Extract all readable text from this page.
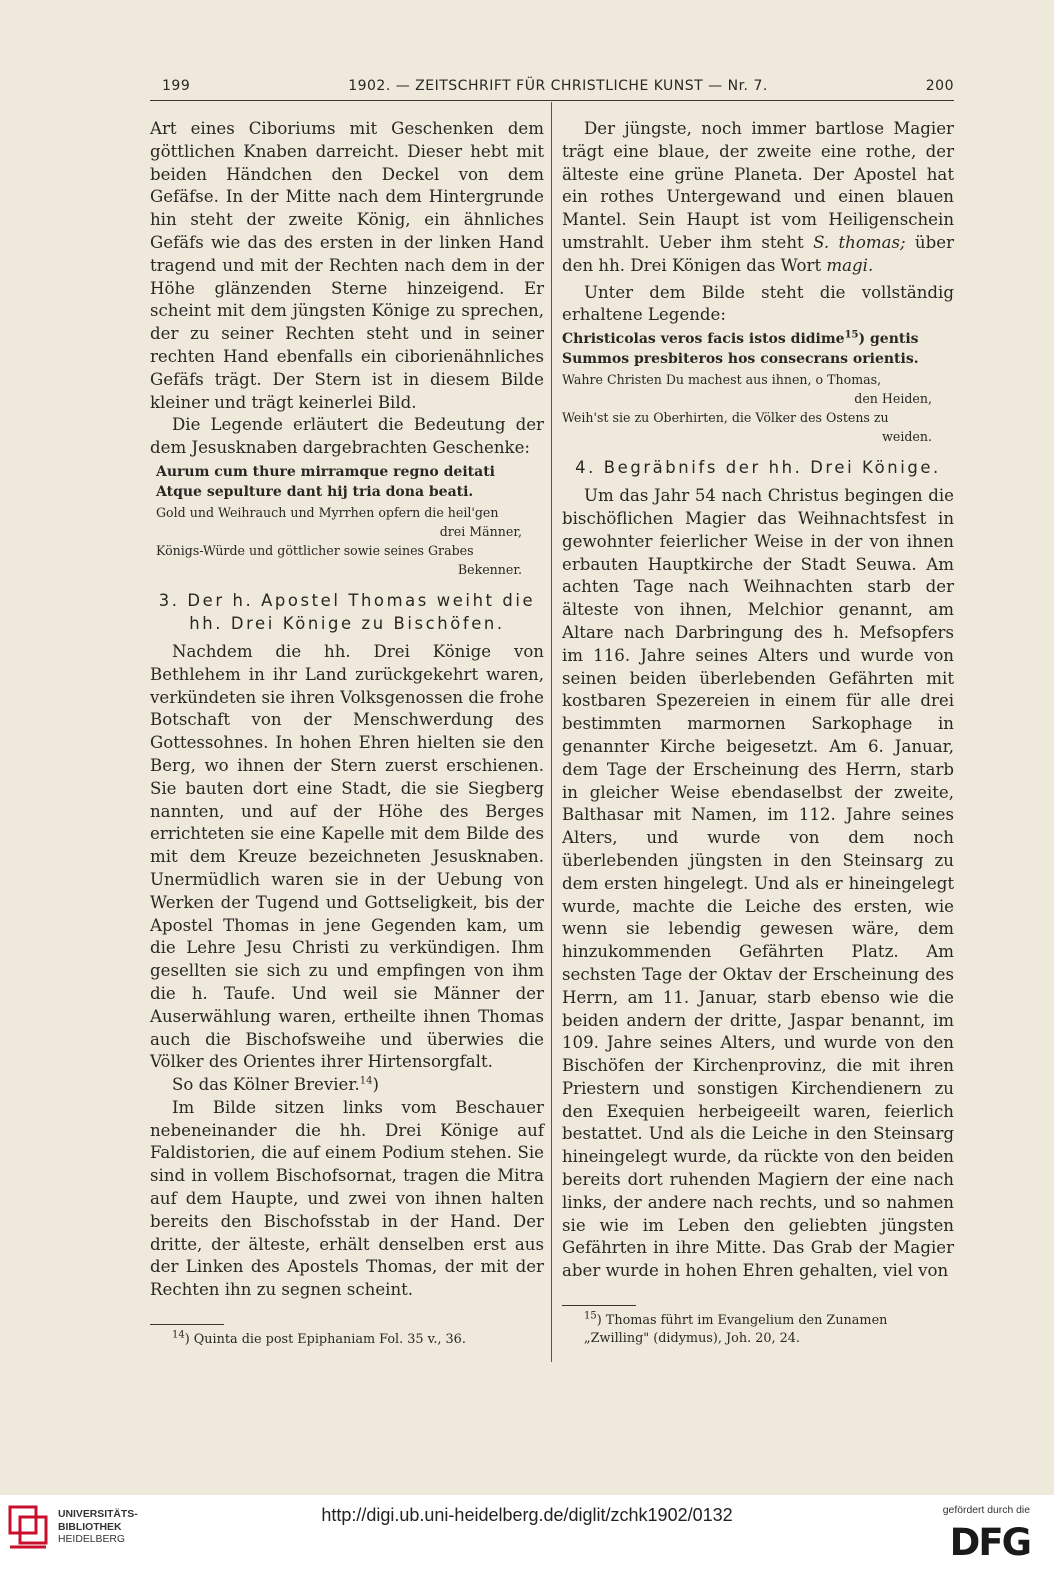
199	1902. — ZEITSCHRIFT FÜR CHRISTLICHE KUNST — Nr. 7.	200

Art eines Ciboriums mit Geschenken dem göttlichen Knaben darreicht. Dieser hebt mit beiden Händchen den Deckel von dem Gefäfse. In der Mitte nach dem Hintergrunde hin steht der zweite König, ein ähnliches Gefäfs wie das des ersten in der linken Hand tragend und mit der Rechten nach dem in der Höhe glänzenden Sterne hinzeigend. Er scheint mit dem jüngsten Könige zu sprechen, der zu seiner Rechten steht und in seiner rechten Hand ebenfalls ein ciborienähnliches Gefäfs trägt. Der Stern ist in diesem Bilde kleiner und trägt keinerlei Bild.

Die Legende erläutert die Bedeutung der dem Jesusknaben dargebrachten Geschenke:

Aurum cum thure mirramque regno deitati
Atque sepulture dant hij tria dona beati.
Gold und Weihrauch und Myrrhen opfern die heil'gen
drei Männer,
Königs-Würde und göttlicher sowie seines Grabes
Bekenner.
3. Der h. Apostel Thomas weiht die hh. Drei Könige zu Bischöfen.

Nachdem die hh. Drei Könige von Bethlehem in ihr Land zurückgekehrt waren, verkündeten sie ihren Volksgenossen die frohe Botschaft von der Menschwerdung des Gottessohnes. In hohen Ehren hielten sie den Berg, wo ihnen der Stern zuerst erschienen. Sie bauten dort eine Stadt, die sie Siegberg nannten, und auf der Höhe des Berges errichteten sie eine Kapelle mit dem Bilde des mit dem Kreuze bezeichneten Jesusknaben. Unermüdlich waren sie in der Uebung von Werken der Tugend und Gottseligkeit, bis der Apostel Thomas in jene Gegenden kam, um die Lehre Jesu Christi zu verkündigen. Ihm gesellten sie sich zu und empfingen von ihm die h. Taufe. Und weil sie Männer der Auserwählung waren, ertheilte ihnen Thomas auch die Bischofsweihe und überwies die Völker des Orientes ihrer Hirtensorgfalt.

So das Kölner Brevier.$^{14}$)

Im Bilde sitzen links vom Beschauer nebeneinander die hh. Drei Könige auf Faldistorien, die auf einem Podium stehen. Sie sind in vollem Bischofsornat, tragen die Mitra auf dem Haupte, und zwei von ihnen halten bereits den Bischofsstab in der Hand. Der dritte, der älteste, erhält denselben erst aus der Linken des Apostels Thomas, der mit der Rechten ihn zu segnen scheint.

$^{14}$) Quinta die post Epiphaniam Fol. 35 v., 36.

Der jüngste, noch immer bartlose Magier trägt eine blaue, der zweite eine rothe, der älteste eine grüne Planeta. Der Apostel hat ein rothes Untergewand und einen blauen Mantel. Sein Haupt ist vom Heiligenschein umstrahlt. Ueber ihm steht S. thomas; über den hh. Drei Königen das Wort magi.

Unter dem Bilde steht die vollständig erhaltene Legende:

Christicolas veros facis istos didime$^{15}$) gentis
Summos presbiteros hos consecrans orientis.
Wahre Christen Du machest aus ihnen, o Thomas,
den Heiden,
Weih'st sie zu Oberhirten, die Völker des Ostens zu
weiden.
4. Begräbnifs der hh. Drei Könige.

Um das Jahr 54 nach Christus begingen die bischöflichen Magier das Weihnachtsfest in gewohnter feierlicher Weise in der von ihnen erbauten Hauptkirche der Stadt Seuwa. Am achten Tage nach Weihnachten starb der älteste von ihnen, Melchior genannt, am Altare nach Darbringung des h. Mefsopfers im 116. Jahre seines Alters und wurde von seinen beiden überlebenden Gefährten mit kostbaren Spezereien in einem für alle drei bestimmten marmornen Sarkophage in genannter Kirche beigesetzt. Am 6. Januar, dem Tage der Erscheinung des Herrn, starb in gleicher Weise ebendaselbst der zweite, Balthasar mit Namen, im 112. Jahre seines Alters, und wurde von dem noch überlebenden jüngsten in den Steinsarg zu dem ersten hingelegt. Und als er hineingelegt wurde, machte die Leiche des ersten, wie wenn sie lebendig gewesen wäre, dem hinzukommenden Gefährten Platz. Am sechsten Tage der Oktav der Erscheinung des Herrn, am 11. Januar, starb ebenso wie die beiden andern der dritte, Jaspar benannt, im 109. Jahre seines Alters, und wurde von den Bischöfen der Kirchenprovinz, die mit ihren Priestern und sonstigen Kirchendienern zu den Exequien herbeigeeilt waren, feierlich bestattet. Und als die Leiche in den Steinsarg hineingelegt wurde, da rückte von den beiden bereits dort ruhenden Magiern der eine nach links, der andere nach rechts, und so nahmen sie wie im Leben den geliebten jüngsten Gefährten in ihre Mitte. Das Grab der Magier aber wurde in hohen Ehren gehalten, viel von

$^{15}$) Thomas führt im Evangelium den Zunamen „Zwilling" (didymus), Joh. 20, 24.

UNIVERSITÄTS-
BIBLIOTHEK
HEIDELBERG
http://digi.ub.uni-heidelberg.de/diglit/zchk1902/0132	gefördert durch die
DFG
